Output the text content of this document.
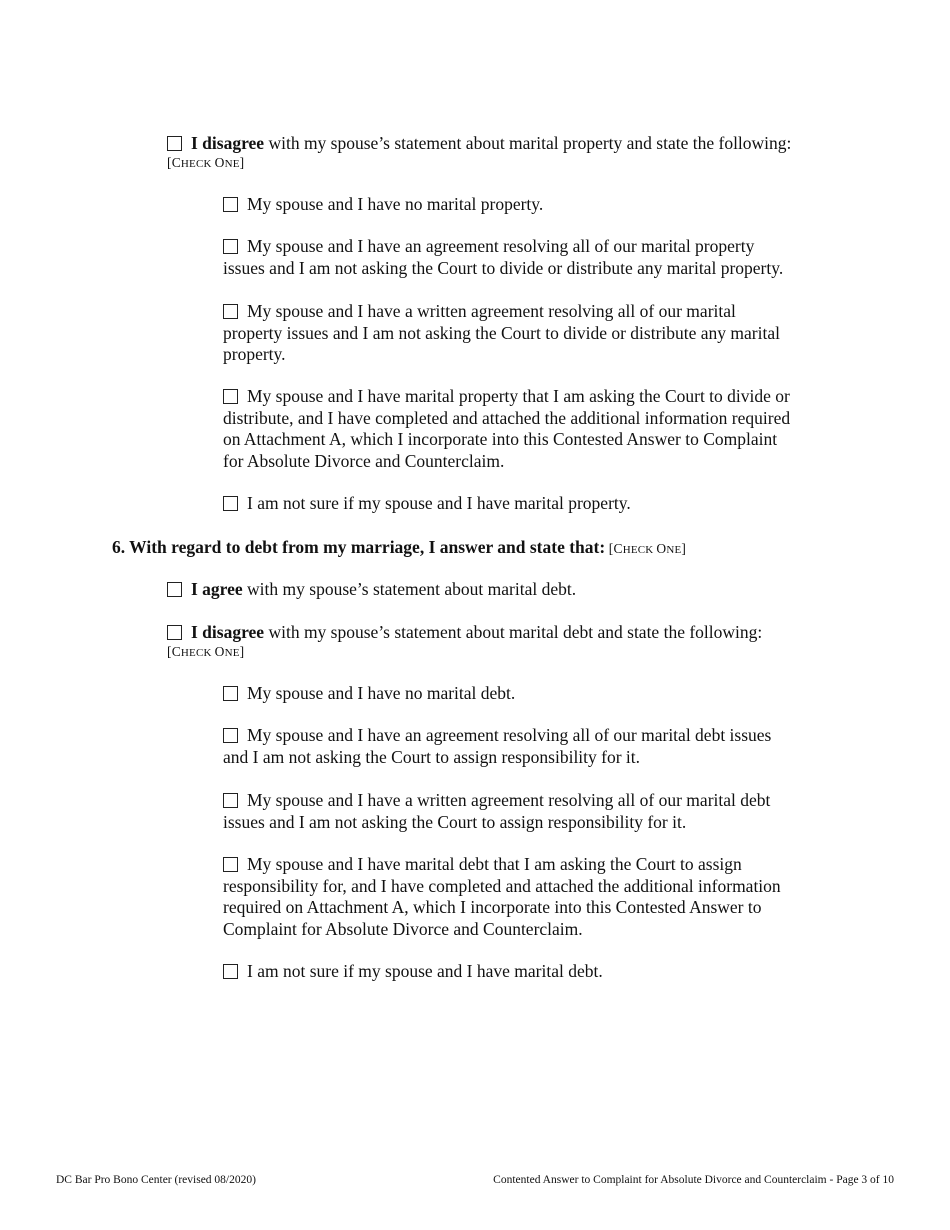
I disagree with my spouse’s statement about marital property and state the following:
[CHECK ONE]
My spouse and I have no marital property.
My spouse and I have an agreement resolving all of our marital property
issues and I am not asking the Court to divide or distribute any marital property.
My spouse and I have a written agreement resolving all of our marital
property issues and I am not asking the Court to divide or distribute any marital
property.
My spouse and I have marital property that I am asking the Court to divide or
distribute, and I have completed and attached the additional information required
on Attachment A, which I incorporate into this Contested Answer to Complaint
for Absolute Divorce and Counterclaim.
I am not sure if my spouse and I have marital property.
6. With regard to debt from my marriage, I answer and state that: [CHECK ONE]
I agree with my spouse’s statement about marital debt.
I disagree with my spouse’s statement about marital debt and state the following:
[CHECK ONE]
My spouse and I have no marital debt.
My spouse and I have an agreement resolving all of our marital debt issues
and I am not asking the Court to assign responsibility for it.
My spouse and I have a written agreement resolving all of our marital debt
issues and I am not asking the Court to assign responsibility for it.
My spouse and I have marital debt that I am asking the Court to assign
responsibility for, and I have completed and attached the additional information
required on Attachment A, which I incorporate into this Contested Answer to
Complaint for Absolute Divorce and Counterclaim.
I am not sure if my spouse and I have marital debt.
DC Bar Pro Bono Center (revised 08/2020)	Contented Answer to Complaint for Absolute Divorce and Counterclaim - Page 3 of 10
